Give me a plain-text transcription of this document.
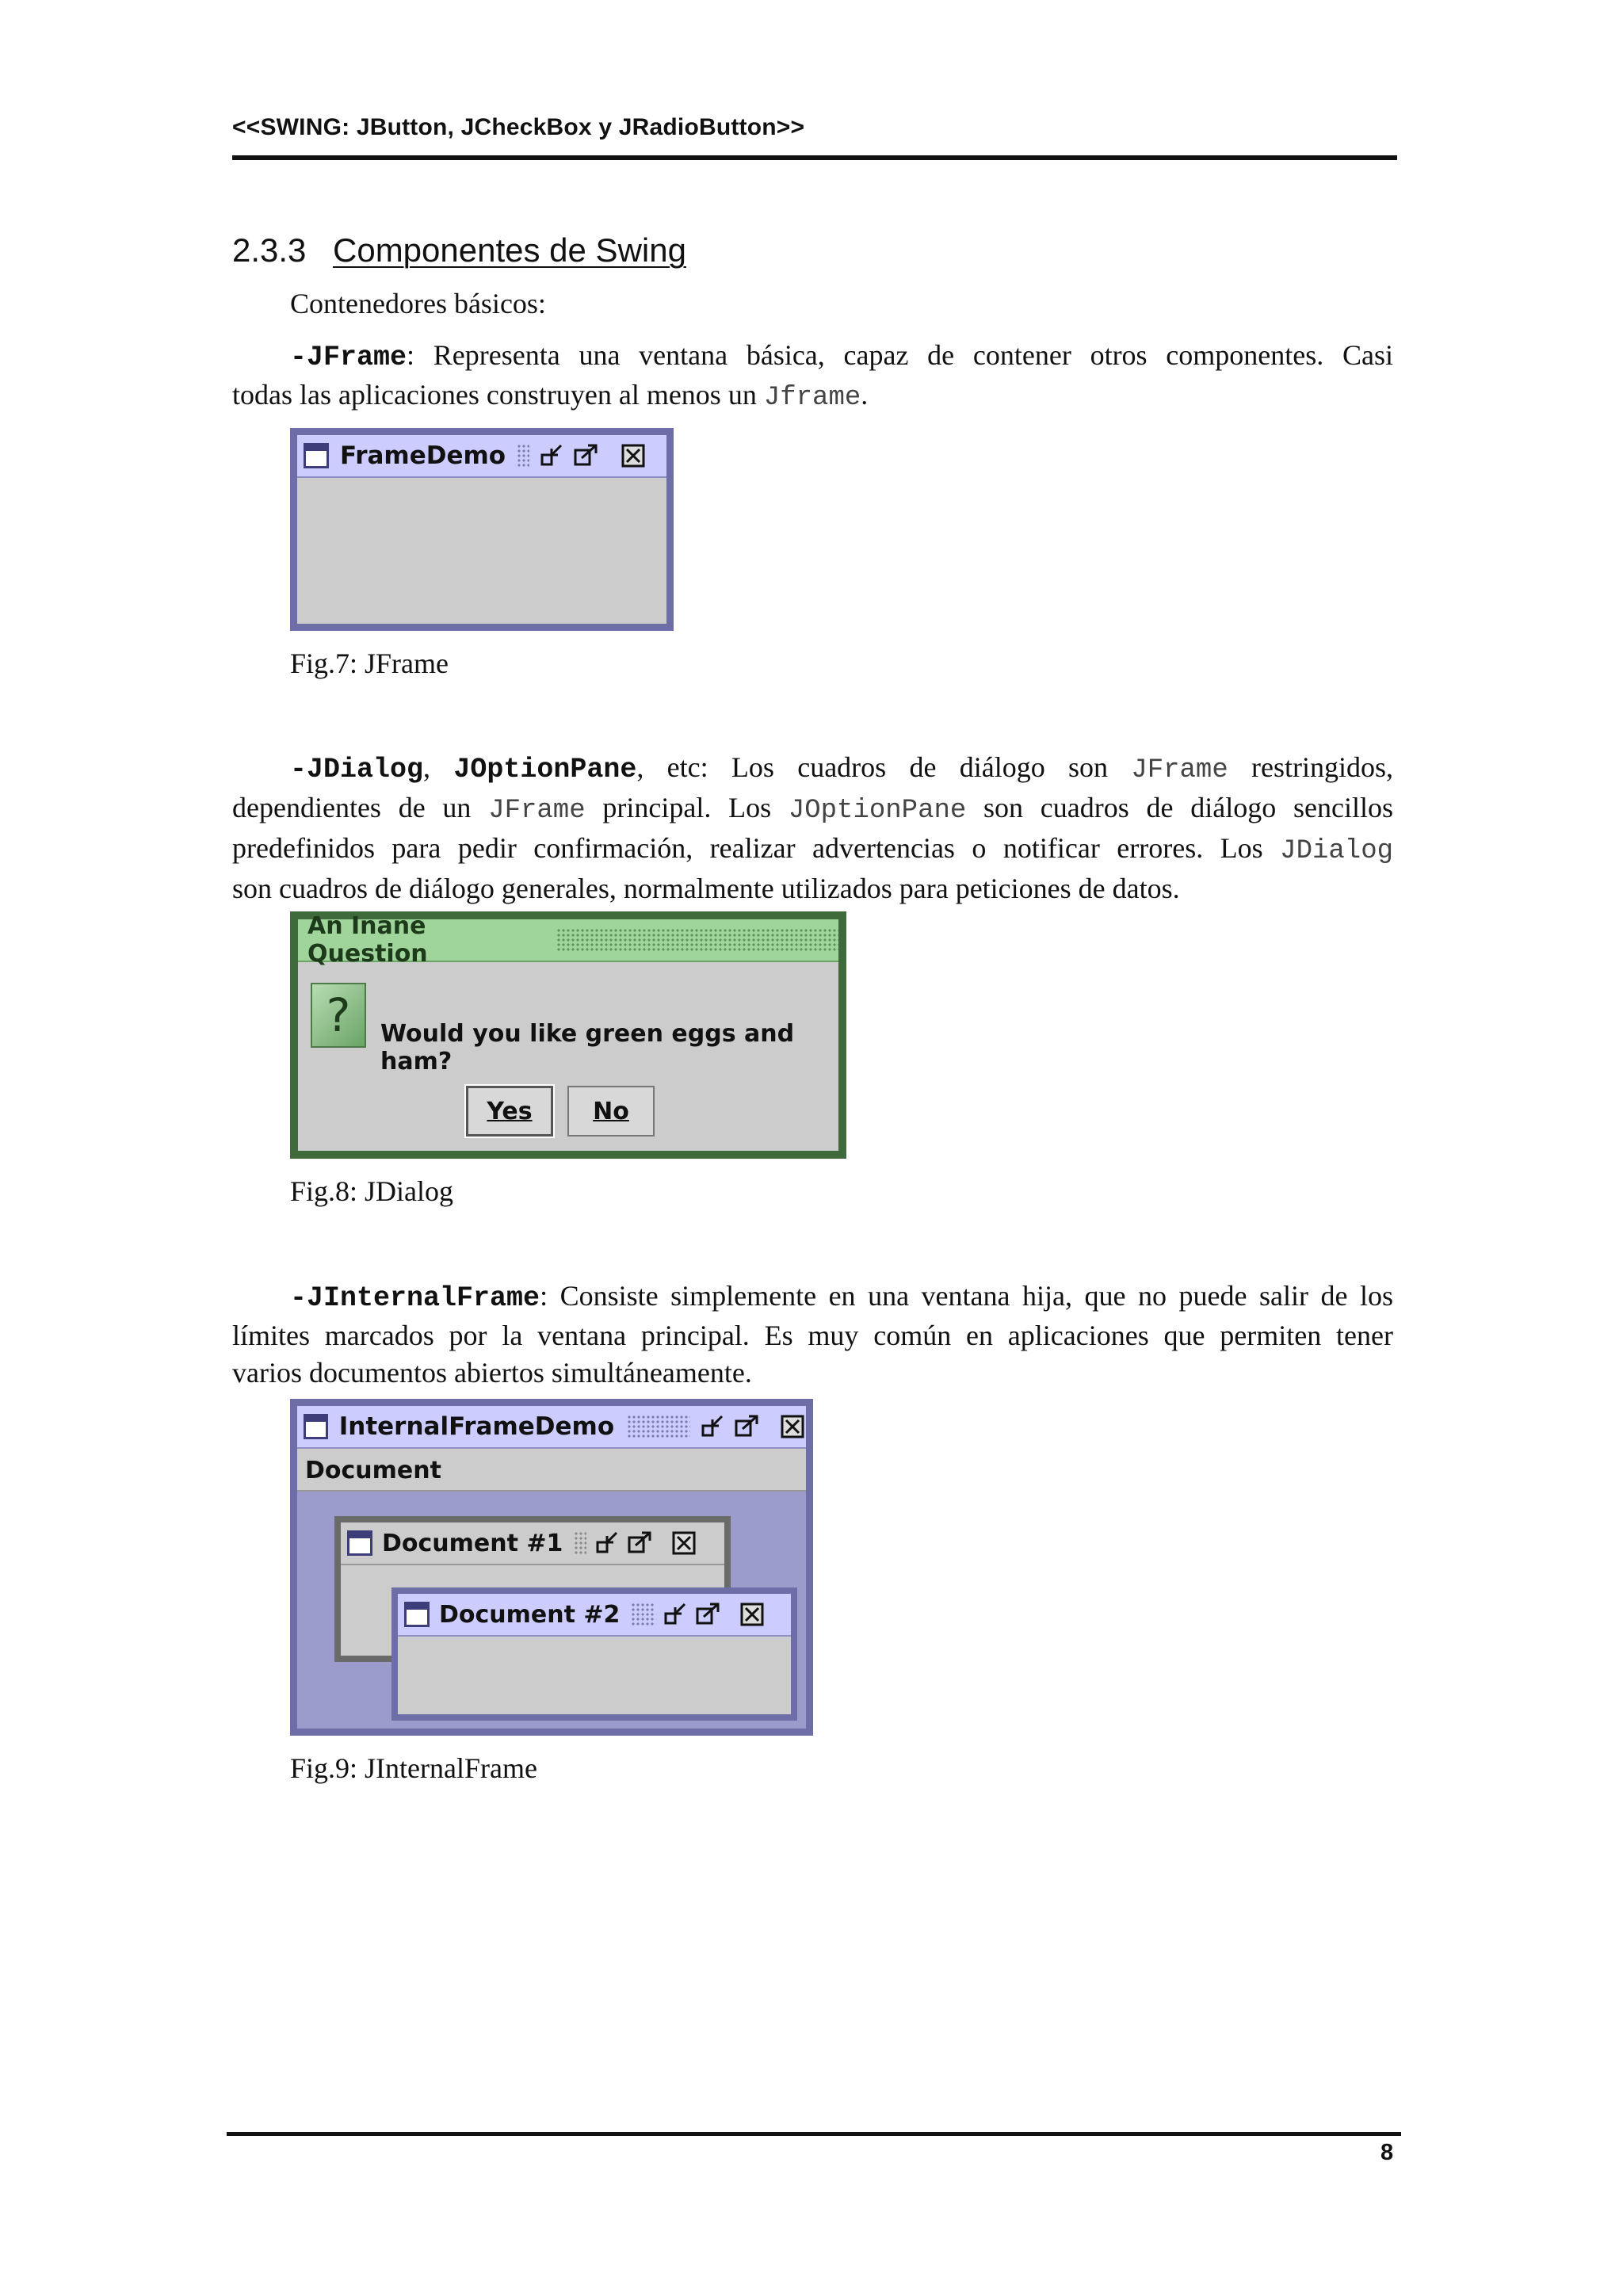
<<SWING: JButton, JCheckBox y JRadioButton>>
2.3.3 Componentes de Swing
Contenedores básicos:
-JFrame: Representa una ventana básica, capaz de contener otros componentes. Casi
todas las aplicaciones construyen al menos un Jframe.
FrameDemo
Fig.7: JFrame
-JDialog, JOptionPane, etc: Los cuadros de diálogo son JFrame restringidos,
dependientes de un JFrame principal. Los JOptionPane son cuadros de diálogo sencillos
predefinidos para pedir confirmación, realizar advertencias o notificar errores. Los JDialog
son cuadros de diálogo generales, normalmente utilizados para peticiones de datos.
An Inane Question
?	Would you like green eggs and ham?
Yes	No
Fig.8: JDialog
-JInternalFrame: Consiste simplemente en una ventana hija, que no puede salir de los
límites marcados por la ventana principal. Es muy común en aplicaciones que permiten tener
varios documentos abiertos simultáneamente.
InternalFrameDemo
Document
Document #1
Document #2
Fig.9: JInternalFrame
8
